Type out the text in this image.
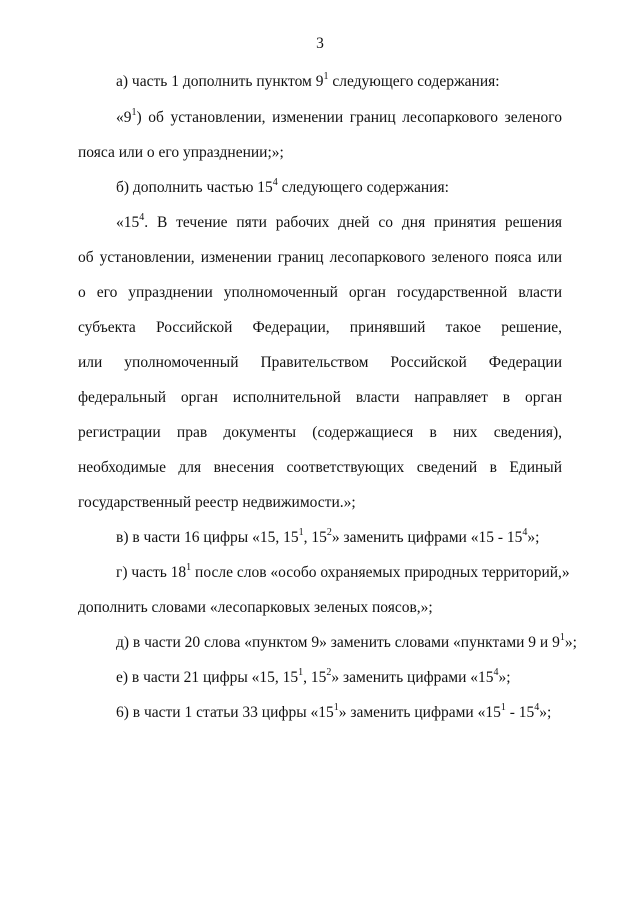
3
а) часть 1 дополнить пунктом $9^1$ следующего содержания:
«$9^1$) об установлении, изменении границ лесопаркового зеленого
пояса или о его упразднении;»;
б) дополнить частью $15^4$ следующего содержания:
«$15^4$. В течение пяти рабочих дней со дня принятия решения
об установлении, изменении границ лесопаркового зеленого пояса или
о его упразднении уполномоченный орган государственной власти
субъекта Российской Федерации, принявший такое решение,
или уполномоченный Правительством Российской Федерации
федеральный орган исполнительной власти направляет в орган
регистрации прав документы (содержащиеся в них сведения),
необходимые для внесения соответствующих сведений в Единый
государственный реестр недвижимости.»;
в) в части 16 цифры «15, $15^1$, $15^2$» заменить цифрами «$15 - 15^4$»;
г) часть $18^1$ после слов «особо охраняемых природных территорий,»
дополнить словами «лесопарковых зеленых поясов,»;
д) в части 20 слова «пунктом 9» заменить словами «пунктами 9 и $9^1$»;
е) в части 21 цифры «15, $15^1$, $15^2$» заменить цифрами «$15^4$»;
6) в части 1 статьи 33 цифры «$15^1$» заменить цифрами «$15^1 - 15^4$»;
